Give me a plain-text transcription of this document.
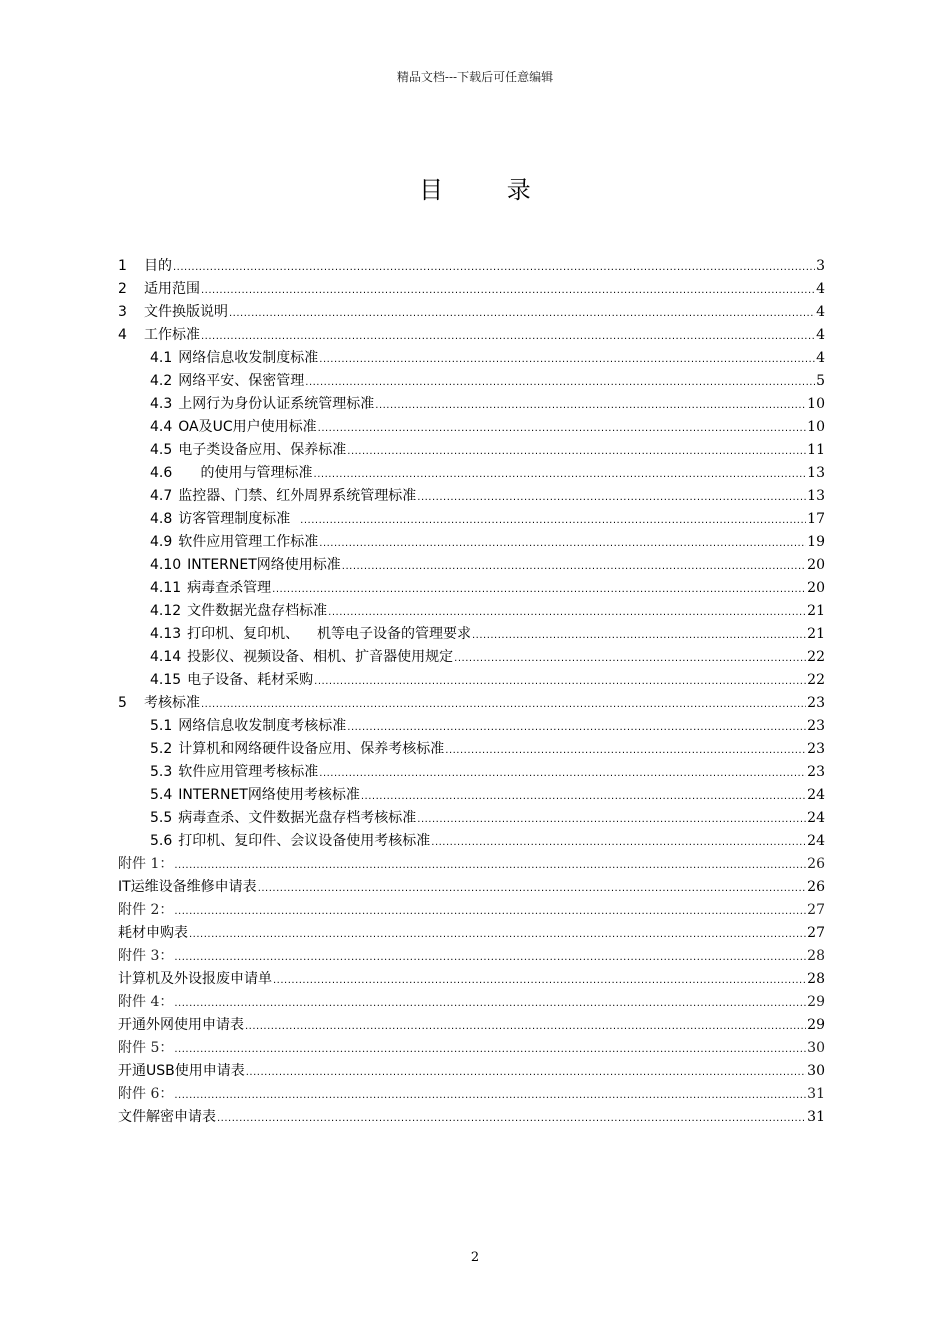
精品文档---下载后可任意编辑
目 录
1	目的 .....	3
2	适用范围 .....	4
3	文件换版说明 .....	4
4	工作标准 .....	4
4.1 网络信息收发制度标准 .....	4
4.2 网络平安、保密管理 .....	5
4.3 上网行为身份认证系统管理标准 .....	10
4.4 OA及UC用户使用标准 .....	10
4.5 电子类设备应用、保养标准 .....	11
4.6 的使用与管理标准 .....	13
4.7 监控器、门禁、红外周界系统管理标准 .....	13
4.8 访客管理制度标准 .....	17
4.9 软件应用管理工作标准 .....	19
4.10 INTERNET网络使用标准 .....	20
4.11 病毒查杀管理 .....	20
4.12 文件数据光盘存档标准 .....	21
4.13 打印机、复印机、    机等电子设备的管理要求 .....	21
4.14 投影仪、视频设备、相机、扩音器使用规定 .....	22
4.15 电子设备、耗材采购 .....	22
5	考核标准 .....	23
5.1 网络信息收发制度考核标准 .....	23
5.2 计算机和网络硬件设备应用、保养考核标准 .....	23
5.3 软件应用管理考核标准 .....	23
5.4 INTERNET网络使用考核标准 .....	24
5.5 病毒查杀、文件数据光盘存档考核标准 .....	24
5.6 打印机、复印件、会议设备使用考核标准 .....	24
附件 1： .....	26
IT运维设备维修申请表 .....	26
附件 2： .....	27
耗材申购表 .....	27
附件 3： .....	28
计算机及外设报废申请单 .....	28
附件 4： .....	29
开通外网使用申请表 .....	29
附件 5： .....	30
开通USB使用申请表 .....	30
附件 6： .....	31
文件解密申请表 .....	31
2
